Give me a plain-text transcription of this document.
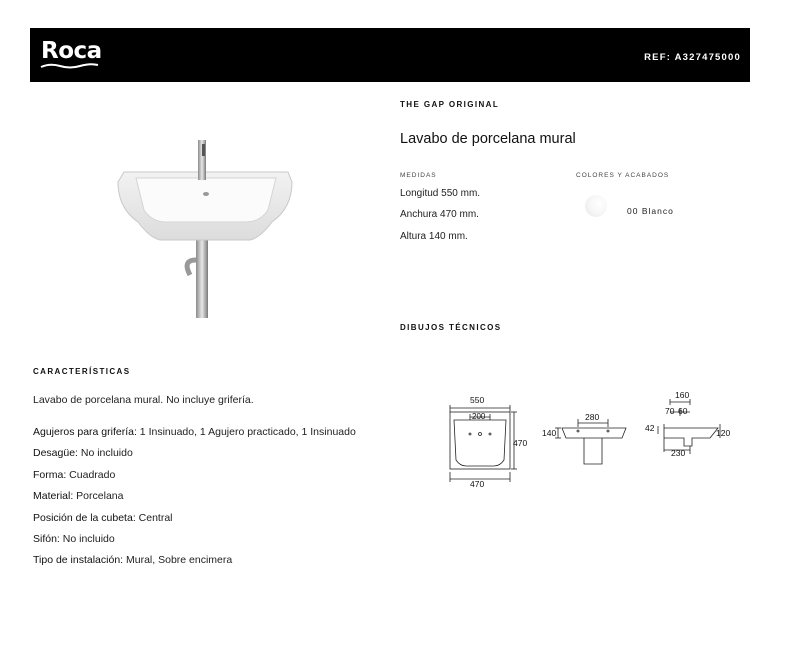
Roca	REF: A327475000
THE GAP ORIGINAL
Lavabo de porcelana mural
MEDIDAS
Longitud 550 mm.
Anchura 470 mm.
Altura 140 mm.
COLORES Y ACABADOS
00 Blanco
DIBUJOS TÉCNICOS
550
200
470
470
280
140
160
70 60
42	120
230
CARACTERÍSTICAS
Lavabo de porcelana mural. No incluye grifería.
Agujeros para grifería: 1 Insinuado, 1 Agujero practicado, 1 Insinuado
Desagüe: No incluido
Forma: Cuadrado
Material: Porcelana
Posición de la cubeta: Central
Sifón: No incluido
Tipo de instalación: Mural, Sobre encimera
